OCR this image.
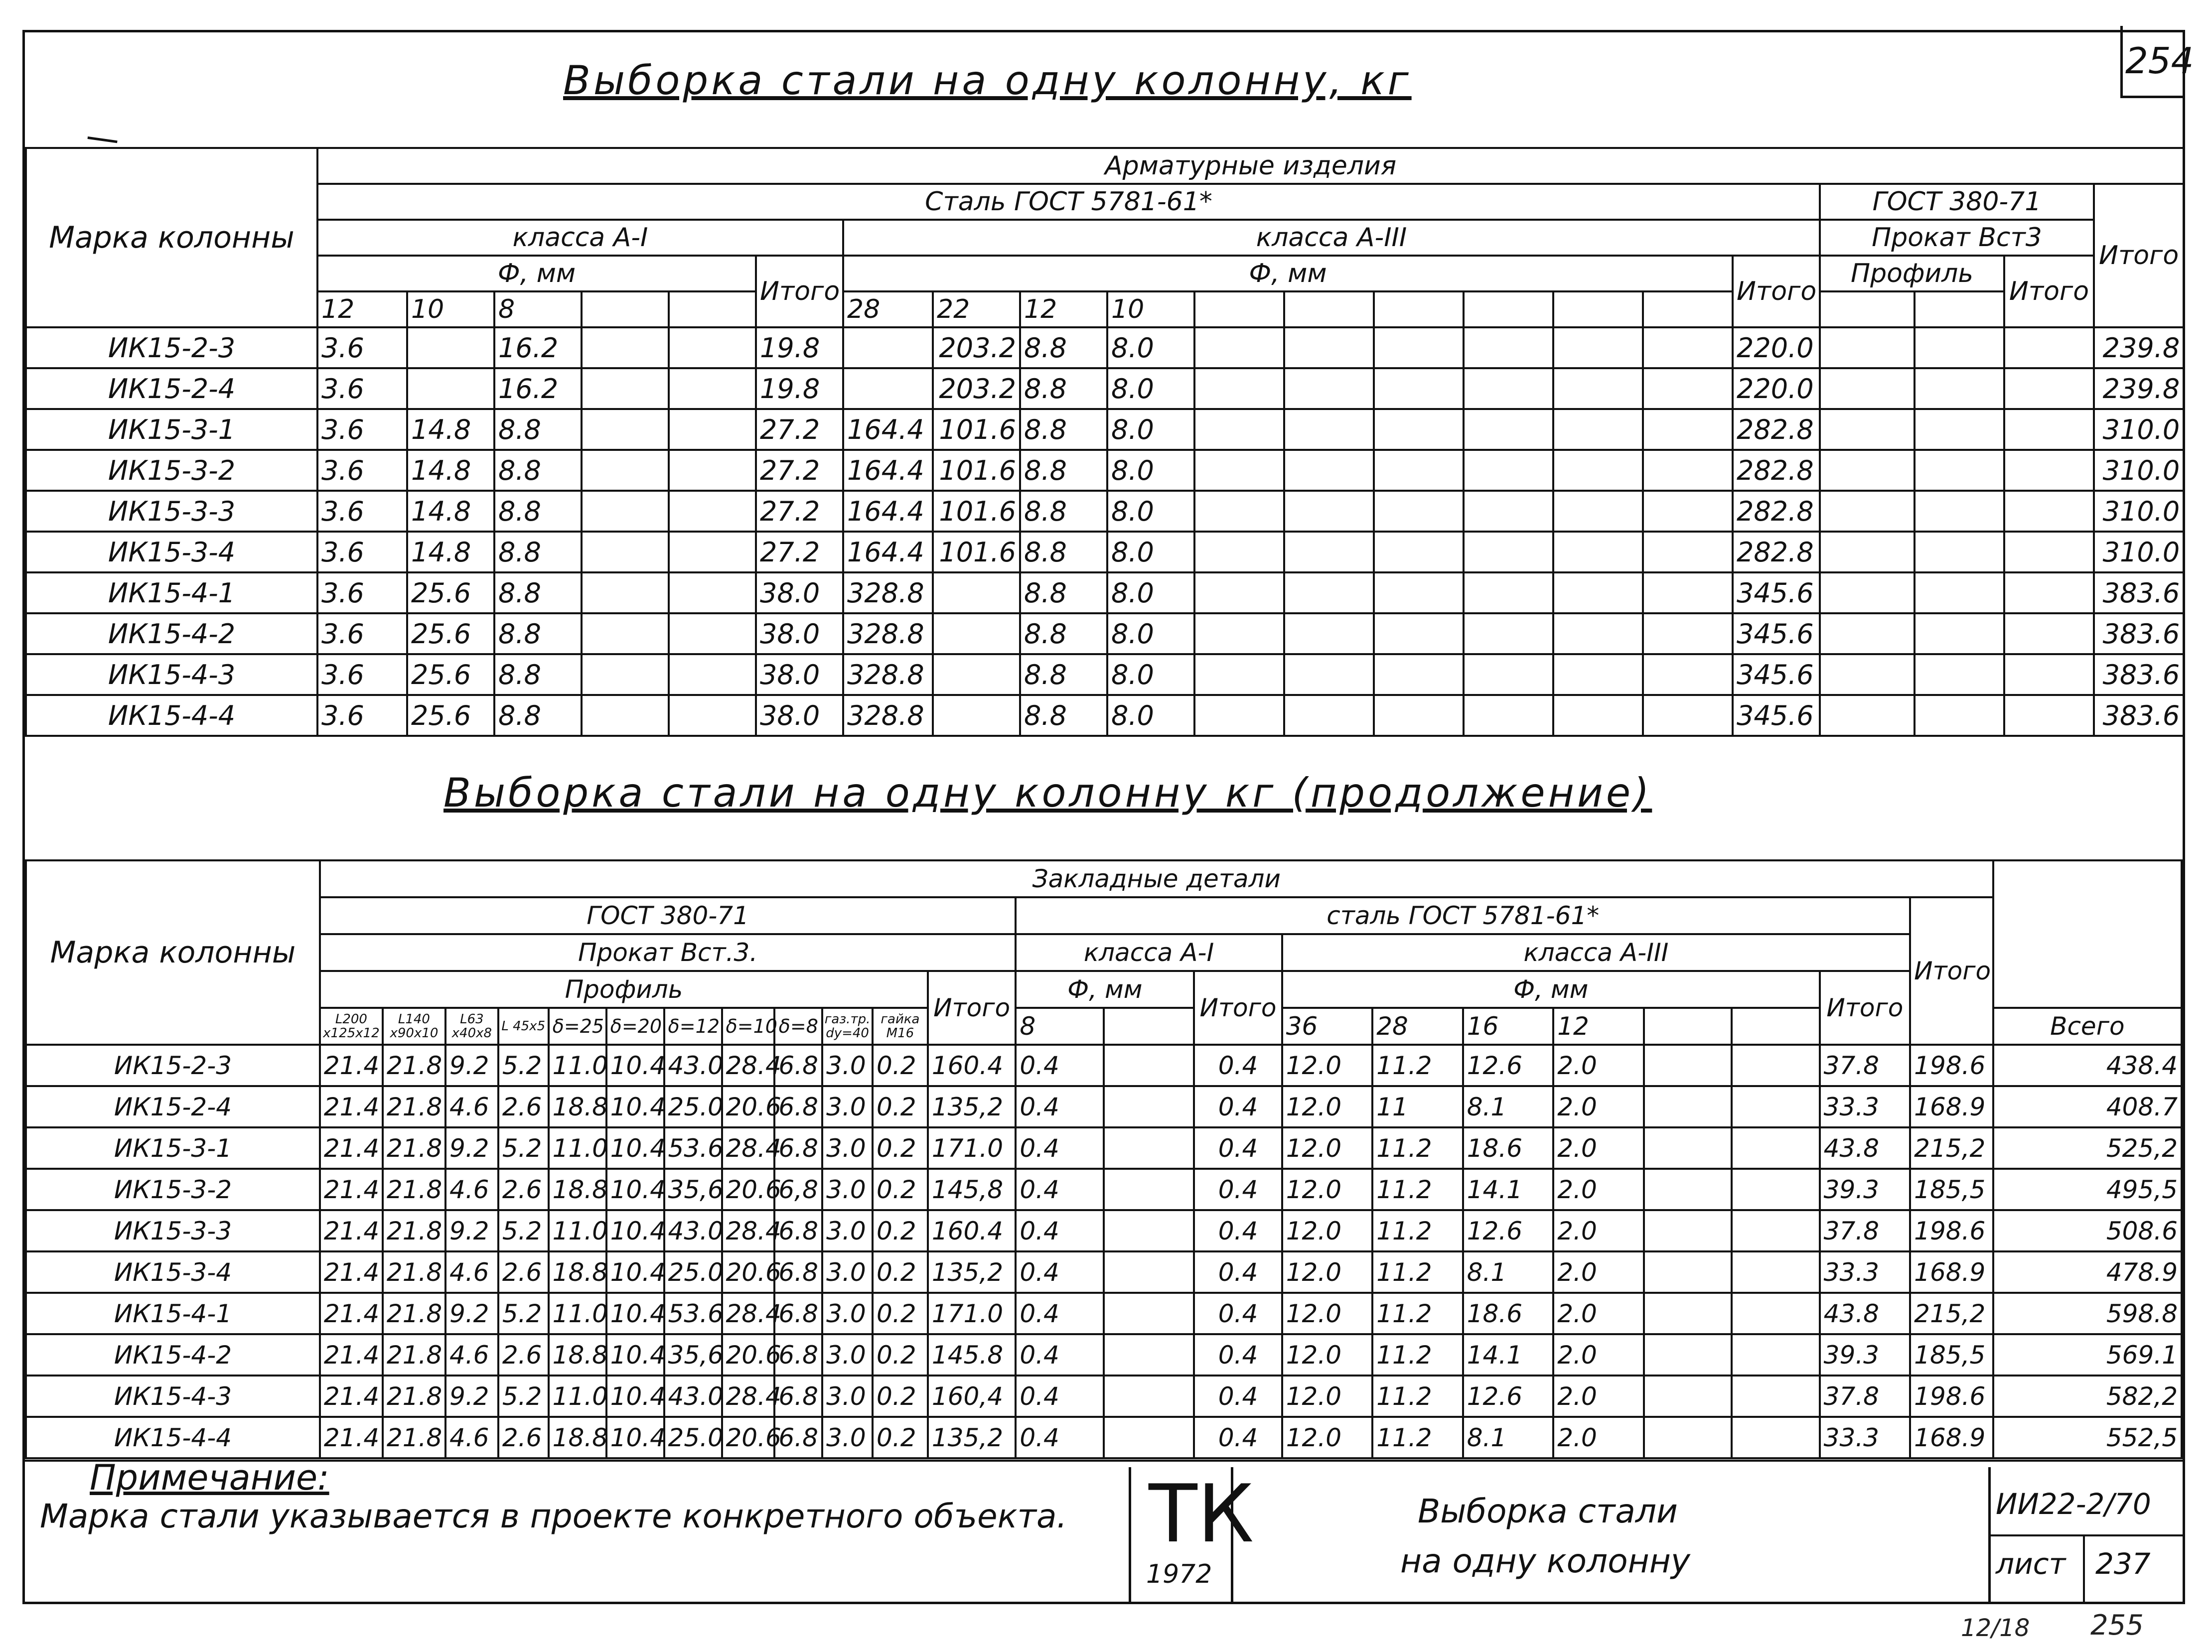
254
Выборка стали на одну колонну, кг
Марка колонны	Арматурные изделия																				
	Сталь ГОСТ 5781-61*																	ГОСТ 380-71			Итого
	класса А-I						класса А-III											Прокат Вст3			
	Ф, мм					Итого	Ф, мм										Итого	Профиль		Итого	
	12	10	8				28	22	12	10											
ИК15-2-3	3.6		16.2			19.8		203.2	8.8	8.0							220.0				239.8
ИК15-2-4	3.6		16.2			19.8		203.2	8.8	8.0							220.0				239.8
ИК15-3-1	3.6	14.8	8.8			27.2	164.4	101.6	8.8	8.0							282.8				310.0
ИК15-3-2	3.6	14.8	8.8			27.2	164.4	101.6	8.8	8.0							282.8				310.0
ИК15-3-3	3.6	14.8	8.8			27.2	164.4	101.6	8.8	8.0							282.8				310.0
ИК15-3-4	3.6	14.8	8.8			27.2	164.4	101.6	8.8	8.0							282.8				310.0
ИК15-4-1	3.6	25.6	8.8			38.0	328.8		8.8	8.0							345.6				383.6
ИК15-4-2	3.6	25.6	8.8			38.0	328.8		8.8	8.0							345.6				383.6
ИК15-4-3	3.6	25.6	8.8			38.0	328.8		8.8	8.0							345.6				383.6
ИК15-4-4	3.6	25.6	8.8			38.0	328.8		8.8	8.0							345.6				383.6
Выборка стали на одну колонну кг (продолжение)
Марка колонны	Закладные детали																							
	ГОСТ 380-71												сталь ГОСТ 5781-61*										Итого	
	Прокат Вст.3.												класса А-I			класса А-III								
	Профиль											Итого	Ф, мм		Итого	Ф, мм						Итого		
	L200 x125x12	L140 x90x10	L63 x40x8	L 45x5	δ=25	δ=20	δ=12	δ=10	δ=8	газ.тр. dy=40	гайка М16		8			36	28	16	12					Всего
ИК15-2-3	21.4	21.8	9.2	5.2	11.0	10.4	43.0	28.4	6.8	3.0	0.2	160.4	0.4		0.4	12.0	11.2	12.6	2.0			37.8	198.6	438.4
ИК15-2-4	21.4	21.8	4.6	2.6	18.8	10.4	25.0	20.6	6.8	3.0	0.2	135,2	0.4		0.4	12.0	11	8.1	2.0			33.3	168.9	408.7
ИК15-3-1	21.4	21.8	9.2	5.2	11.0	10.4	53.6	28.4	6.8	3.0	0.2	171.0	0.4		0.4	12.0	11.2	18.6	2.0			43.8	215,2	525,2
ИК15-3-2	21.4	21.8	4.6	2.6	18.8	10.4	35,6	20.6	6,8	3.0	0.2	145,8	0.4		0.4	12.0	11.2	14.1	2.0			39.3	185,5	495,5
ИК15-3-3	21.4	21.8	9.2	5.2	11.0	10.4	43.0	28.4	6.8	3.0	0.2	160.4	0.4		0.4	12.0	11.2	12.6	2.0			37.8	198.6	508.6
ИК15-3-4	21.4	21.8	4.6	2.6	18.8	10.4	25.0	20.6	6.8	3.0	0.2	135,2	0.4		0.4	12.0	11.2	8.1	2.0			33.3	168.9	478.9
ИК15-4-1	21.4	21.8	9.2	5.2	11.0	10.4	53.6	28.4	6.8	3.0	0.2	171.0	0.4		0.4	12.0	11.2	18.6	2.0			43.8	215,2	598.8
ИК15-4-2	21.4	21.8	4.6	2.6	18.8	10.4	35,6	20.6	6.8	3.0	0.2	145.8	0.4		0.4	12.0	11.2	14.1	2.0			39.3	185,5	569.1
ИК15-4-3	21.4	21.8	9.2	5.2	11.0	10.4	43.0	28.4	6.8	3.0	0.2	160,4	0.4		0.4	12.0	11.2	12.6	2.0			37.8	198.6	582,2
ИК15-4-4	21.4	21.8	4.6	2.6	18.8	10.4	25.0	20.6	6.8	3.0	0.2	135,2	0.4		0.4	12.0	11.2	8.1	2.0			33.3	168.9	552,5
Примечание:
Марка стали указывается в проекте конкретного объекта. ТК
1972
Выборка стали
на одну колонну
ИИ22-2/70
лист 237
12/18 255
